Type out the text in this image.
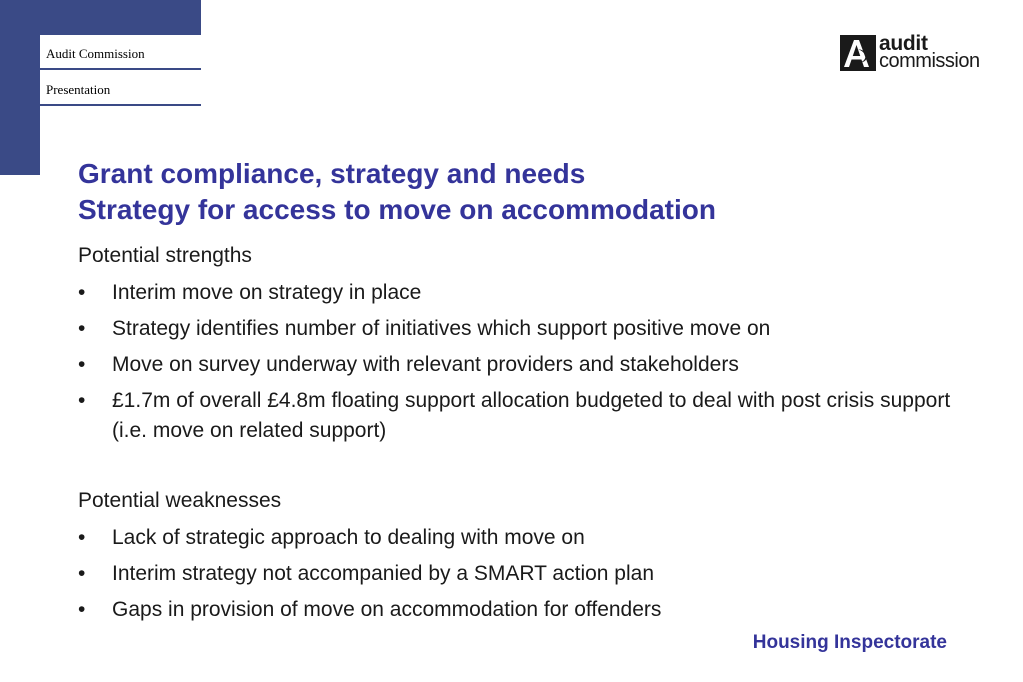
Audit Commission
Presentation
audit
commission
Grant compliance, strategy and needs
Strategy for access to move on accommodation
Potential strengths
• Interim move on strategy in place
• Strategy identifies number of initiatives which support positive move on
• Move on survey underway with relevant providers and stakeholders
• £1.7m of overall £4.8m floating support allocation budgeted to deal with post crisis support (i.e. move on related support)
Potential weaknesses
• Lack of strategic approach to dealing with move on
• Interim strategy not accompanied by a SMART action plan
• Gaps in provision of move on accommodation for offenders
Housing Inspectorate
